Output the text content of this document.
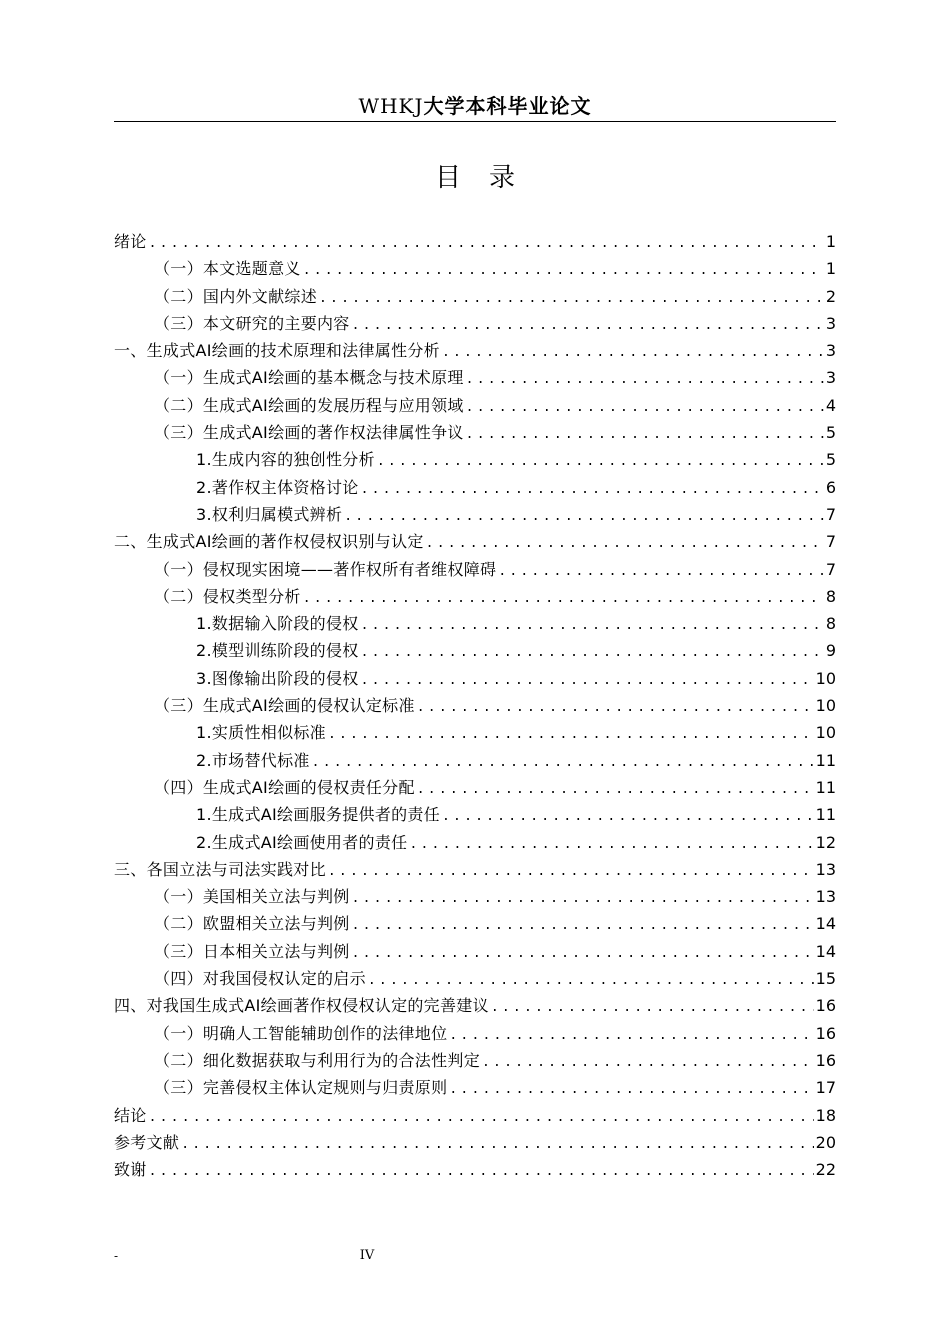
WHKJ大学本科毕业论文
目录
绪论 .....	1
（一）本文选题意义 .....	1
（二）国内外文献综述 .....	2
（三）本文研究的主要内容 .....	3
一、生成式AI绘画的技术原理和法律属性分析 .....	3
（一）生成式AI绘画的基本概念与技术原理 .....	3
（二）生成式AI绘画的发展历程与应用领域 .....	4
（三）生成式AI绘画的著作权法律属性争议 .....	5
1.生成内容的独创性分析 .....	5
2.著作权主体资格讨论 .....	6
3.权利归属模式辨析 .....	7
二、生成式AI绘画的著作权侵权识别与认定 .....	7
（一）侵权现实困境——著作权所有者维权障碍 .....	7
（二）侵权类型分析 .....	8
1.数据输入阶段的侵权 .....	8
2.模型训练阶段的侵权 .....	9
3.图像输出阶段的侵权 .....	10
（三）生成式AI绘画的侵权认定标准 .....	10
1.实质性相似标准 .....	10
2.市场替代标准 .....	11
（四）生成式AI绘画的侵权责任分配 .....	11
1.生成式AI绘画服务提供者的责任 .....	11
2.生成式AI绘画使用者的责任 .....	12
三、各国立法与司法实践对比 .....	13
（一）美国相关立法与判例 .....	13
（二）欧盟相关立法与判例 .....	14
（三）日本相关立法与判例 .....	14
（四）对我国侵权认定的启示 .....	15
四、对我国生成式AI绘画著作权侵权认定的完善建议 .....	16
（一）明确人工智能辅助创作的法律地位 .....	16
（二）细化数据获取与利用行为的合法性判定 .....	16
（三）完善侵权主体认定规则与归责原则 .....	17
结论 .....	18
参考文献 .....	20
致谢 .....	22
-	IV
